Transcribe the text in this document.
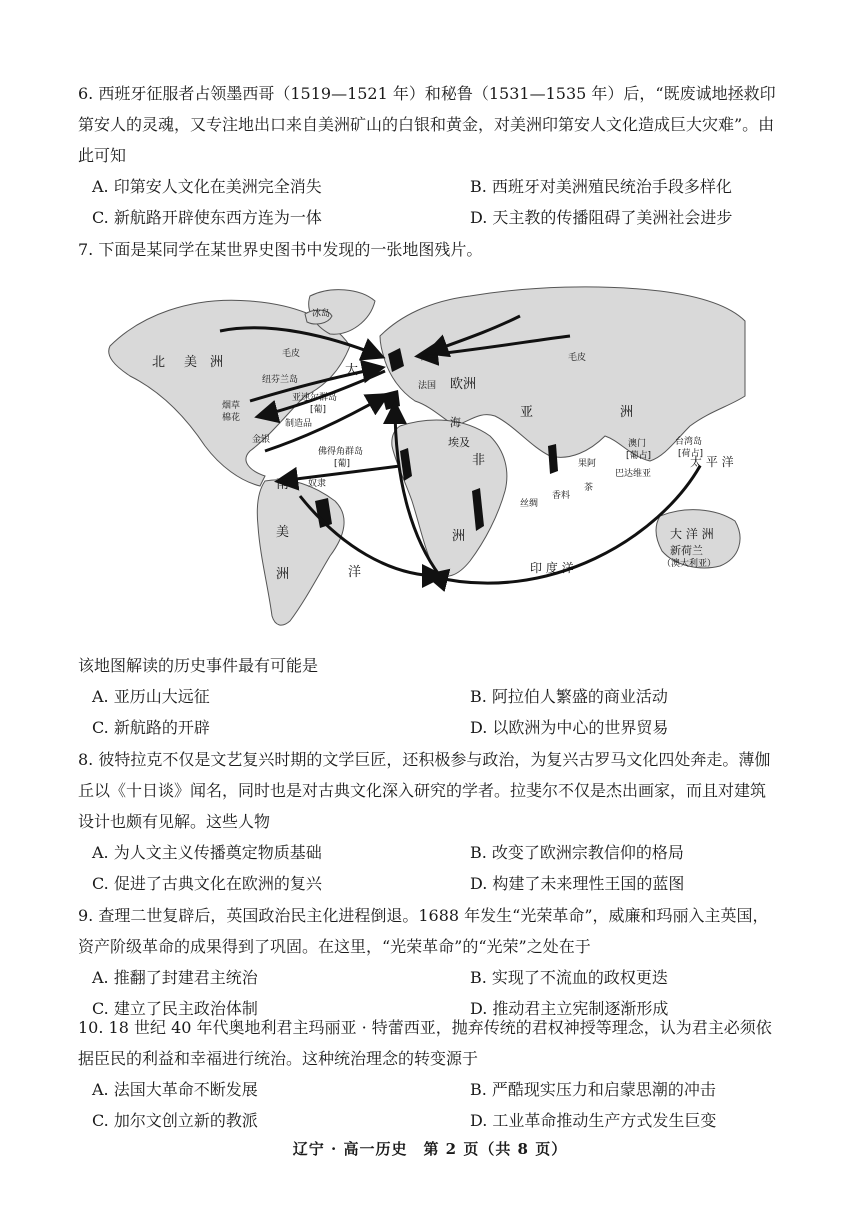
6. 西班牙征服者占领墨西哥（1519—1521 年）和秘鲁（1531—1535 年）后，“既废诚地拯救印第安人的灵魂，又专注地出口来自美洲矿山的白银和黄金，对美洲印第安人文化造成巨大灾难”。由此可知

A. 印第安人文化在美洲完全消失	B. 西班牙对美洲殖民统治手段多样化
C. 新航路开辟使东西方连为一体	D. 天主教的传播阻碍了美洲社会进步

7. 下面是某同学在某世界史图书中发现的一张地图残片。

冰岛
北 美 洲
毛皮
大
荷兰	毛皮
欧洲
纽芬兰岛
法国
烟草
棉花
亚速尔群岛
[葡]
制造品
亚	洲
海
埃及
金银
佛得角群岛
[葡]	非
澳门
[葡占]
台湾岛
[荷占]
太 平 洋
奴隶
南
果阿
巴达维亚
丝绸
香料
茶
大 洋 洲
新荷兰
（澳大利亚）
美
洲
洲
洋	印 度 洋

该地图解读的历史事件最有可能是

A. 亚历山大远征	B. 阿拉伯人繁盛的商业活动
C. 新航路的开辟	D. 以欧洲为中心的世界贸易

8. 彼特拉克不仅是文艺复兴时期的文学巨匠，还积极参与政治，为复兴古罗马文化四处奔走。薄伽丘以《十日谈》闻名，同时也是对古典文化深入研究的学者。拉斐尔不仅是杰出画家，而且对建筑设计也颇有见解。这些人物

A. 为人文主义传播奠定物质基础	B. 改变了欧洲宗教信仰的格局
C. 促进了古典文化在欧洲的复兴	D. 构建了未来理性王国的蓝图

9. 查理二世复辟后，英国政治民主化进程倒退。1688 年发生“光荣革命”，威廉和玛丽入主英国，资产阶级革命的成果得到了巩固。在这里，“光荣革命”的“光荣”之处在于

A. 推翻了封建君主统治	B. 实现了不流血的政权更迭
C. 建立了民主政治体制	D. 推动君主立宪制逐渐形成

10. 18 世纪 40 年代奥地利君主玛丽亚 · 特蕾西亚，抛弃传统的君权神授等理念，认为君主必须依据臣民的利益和幸福进行统治。这种统治理念的转变源于

A. 法国大革命不断发展	B. 严酷现实压力和启蒙思潮的冲击
C. 加尔文创立新的教派	D. 工业革命推动生产方式发生巨变
辽宁 · 高一历史　第 2 页（共 8 页）
